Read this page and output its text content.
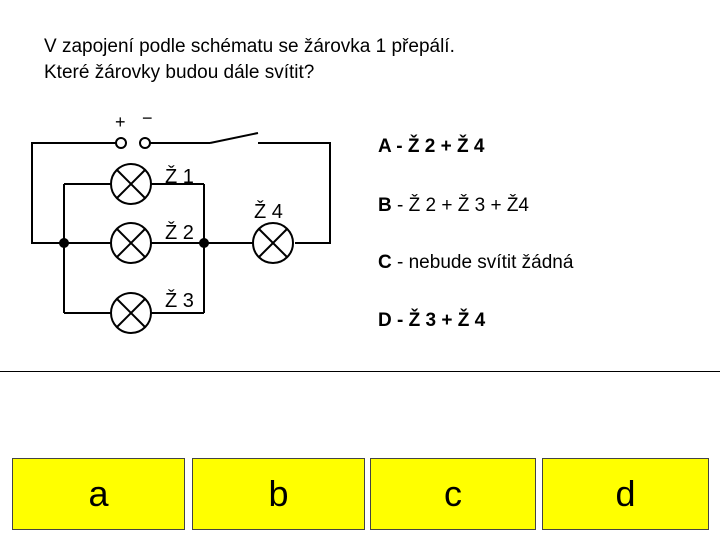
V zapojení podle schématu se žárovka 1 přepálí.
Které žárovky budou dále svítit?
+ −
Ž 1
Ž 2
Ž 3
Ž 4
A - Ž 2 + Ž 4
B - Ž 2 + Ž 3 + Ž4
C - nebude svítit žádná
D - Ž 3 + Ž 4
a	b	c	d
